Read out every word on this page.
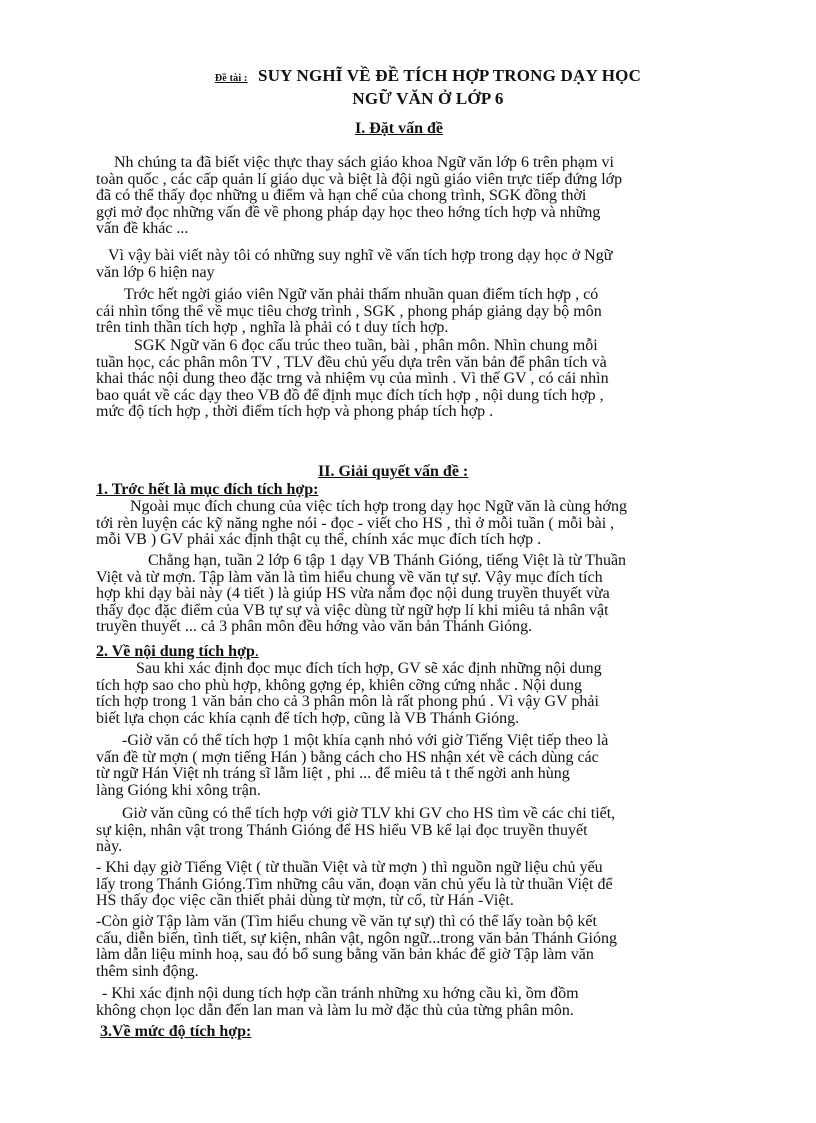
Đề tài : SUY NGHĨ VỀ ĐỀ TÍCH HỢP TRONG DẠY HỌC
NGỮ VĂN Ở LỚP 6
I. Đặt vấn đề
Nh chúng ta đã biết việc thực thay sách giáo khoa Ngữ văn lớp 6 trên phạm vi
toàn quốc , các cấp quản lí giáo dục và biệt là đội ngũ giáo viên trực tiếp đứng lớp
đã có thể thấy đọc những u điểm và hạn chế của chong trình, SGK đồng thời
gợi mở đọc những vấn đề về phong pháp dạy học theo hớng tích hợp và những
vấn đề khác ...
Vì vậy bài viết này tôi có những suy nghĩ về vấn tích hợp trong dạy học ở Ngữ
văn lớp 6 hiện nay
Trớc hết ngời giáo viên Ngữ văn phải thấm nhuần quan điểm tích hợp , có
cái nhìn tổng thể về mục tiêu chơg trình , SGK , phong pháp giảng dạy bộ môn
trên tinh thần tích hợp , nghĩa là phải có t duy tích hợp.
SGK Ngữ văn 6 đọc cấu trúc theo tuần, bài , phân môn. Nhìn chung mỗi
tuần học, các phân môn TV , TLV đều chủ yếu dựa trên văn bản để phân tích và
khai thác nội dung theo đặc trng và nhiệm vụ của mình . Vì thế GV , có cái nhìn
bao quát về các dạy theo VB đồ để định mục đích tích hợp , nội dung tích hợp ,
mức độ tích hợp , thời điểm tích hợp và phong pháp tích hợp .
II. Giải quyết vấn đề :
1. Trớc hết là mục đích tích hợp:
Ngoài mục đích chung của việc tích hợp trong dạy học Ngữ văn là cùng hớng
tới rèn luyện các kỹ năng nghe nói - đọc - viết cho HS , thì ở mỗi tuần ( mỗi bài ,
mỗi VB ) GV phải xác định thật cụ thể, chính xác mục đích tích hợp .
Chẳng hạn, tuần 2 lớp 6 tập 1 dạy VB Thánh Gióng, tiếng Việt là từ Thuần
Việt và từ mợn. Tập làm văn là tìm hiểu chung về văn tự sự. Vậy mục đích tích
hợp khi dạy bài này (4 tiết ) là giúp HS vừa nắm đọc nội dung truyền thuyết vừa
thấy đọc đặc điểm của VB tự sự và việc dùng từ ngữ hợp lí khi miêu tả nhân vật
truyền thuyết ... cả 3 phân môn đều hớng vào văn bản Thánh Gióng.
2. Về nội dung tích hợp.
Sau khi xác định đọc mục đích tích hợp, GV sẽ xác định những nội dung
tích hợp sao cho phù hợp, không gợng ép, khiên cỡng cứng nhắc . Nội dung
tích hợp trong 1 văn bản cho cả 3 phân môn là rất phong phú . Vì vậy GV phải
biết lựa chọn các khía cạnh để tích hợp, cũng là VB Thánh Gióng.
-Giờ văn có thể tích hợp 1 một khía cạnh nhỏ với giờ Tiếng Việt tiếp theo là
vấn đề từ mợn ( mợn tiếng Hán ) bằng cách cho HS nhận xét về cách dùng các
từ ngữ Hán Việt nh tráng sĩ lẫm liệt , phi ... để miêu tả t thế ngời anh hùng
làng Gióng khi xông trận.
Giờ văn cũng có thể tích hợp với giờ TLV khi GV cho HS tìm về các chi tiết,
sự kiện, nhân vật trong Thánh Gióng để HS hiểu VB kể lại đọc truyền thuyết
này.
- Khi dạy giờ Tiếng Việt ( từ thuần Việt và từ mợn ) thì nguồn ngữ liệu chủ yếu
lấy trong Thánh Gióng.Tìm những câu văn, đoạn văn chủ yếu là từ thuần Việt để
HS thấy đọc việc cần thiết phải dùng từ mợn, từ cổ, từ Hán -Việt.
-Còn giờ Tập làm văn (Tìm hiểu chung về văn tự sự) thì có thể lấy toàn bộ kết
cấu, diễn biến, tình tiết, sự kiện, nhân vật, ngôn ngữ...trong văn bản Thánh Gióng
làm dẫn liệu minh hoạ, sau đó bổ sung bằng văn bản khác để giờ Tập làm văn
thêm sinh động.
- Khi xác định nội dung tích hợp cần tránh những xu hớng cầu kì, ồm đồm
không chọn lọc dẫn đến lan man và làm lu mờ đặc thù của từng phân môn.
3.Về mức độ tích hợp:
